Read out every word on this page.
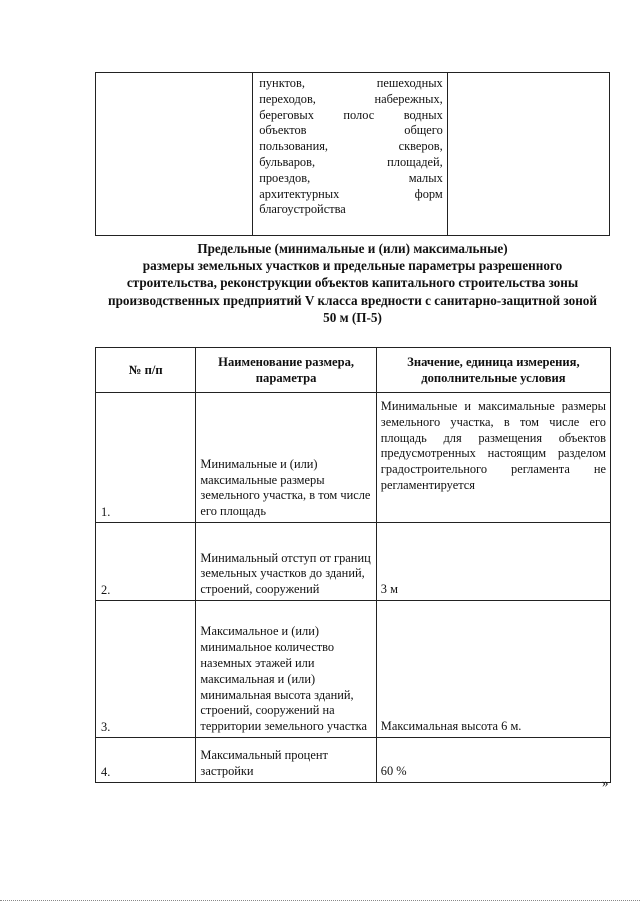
пунктов, пешеходных
переходов, набережных,
береговых полос водных
объектов общего
пользования, скверов,
бульваров, площадей,
проездов, малых
архитектурных форм
благоустройства

Предельные (минимальные и (или) максимальные)
размеры земельных участков и предельные параметры разрешенного
строительства, реконструкции объектов капитального строительства зоны
производственных предприятий V класса вредности с санитарно-защитной зоной
50 м (П-5)
№ п/п	Наименование размера, параметра	Значение, единица измерения, дополнительные условия
1.	Минимальные и (или) максимальные размеры земельного участка, в том числе его площадь	Минимальные и максимальные размеры земельного участка, в том числе его площадь для размещения объектов предусмотренных настоящим разделом градостроительного регламента не регламентируется
2.	Минимальный отступ от границ земельных участков до зданий, строений, сооружений	3 м
3.	Максимальное и (или) минимальное количество наземных этажей или максимальная и (или) минимальная высота зданий, строений, сооружений на территории земельного участка	Максимальная высота 6 м.
4.	Максимальный процент застройки	60 %
»
